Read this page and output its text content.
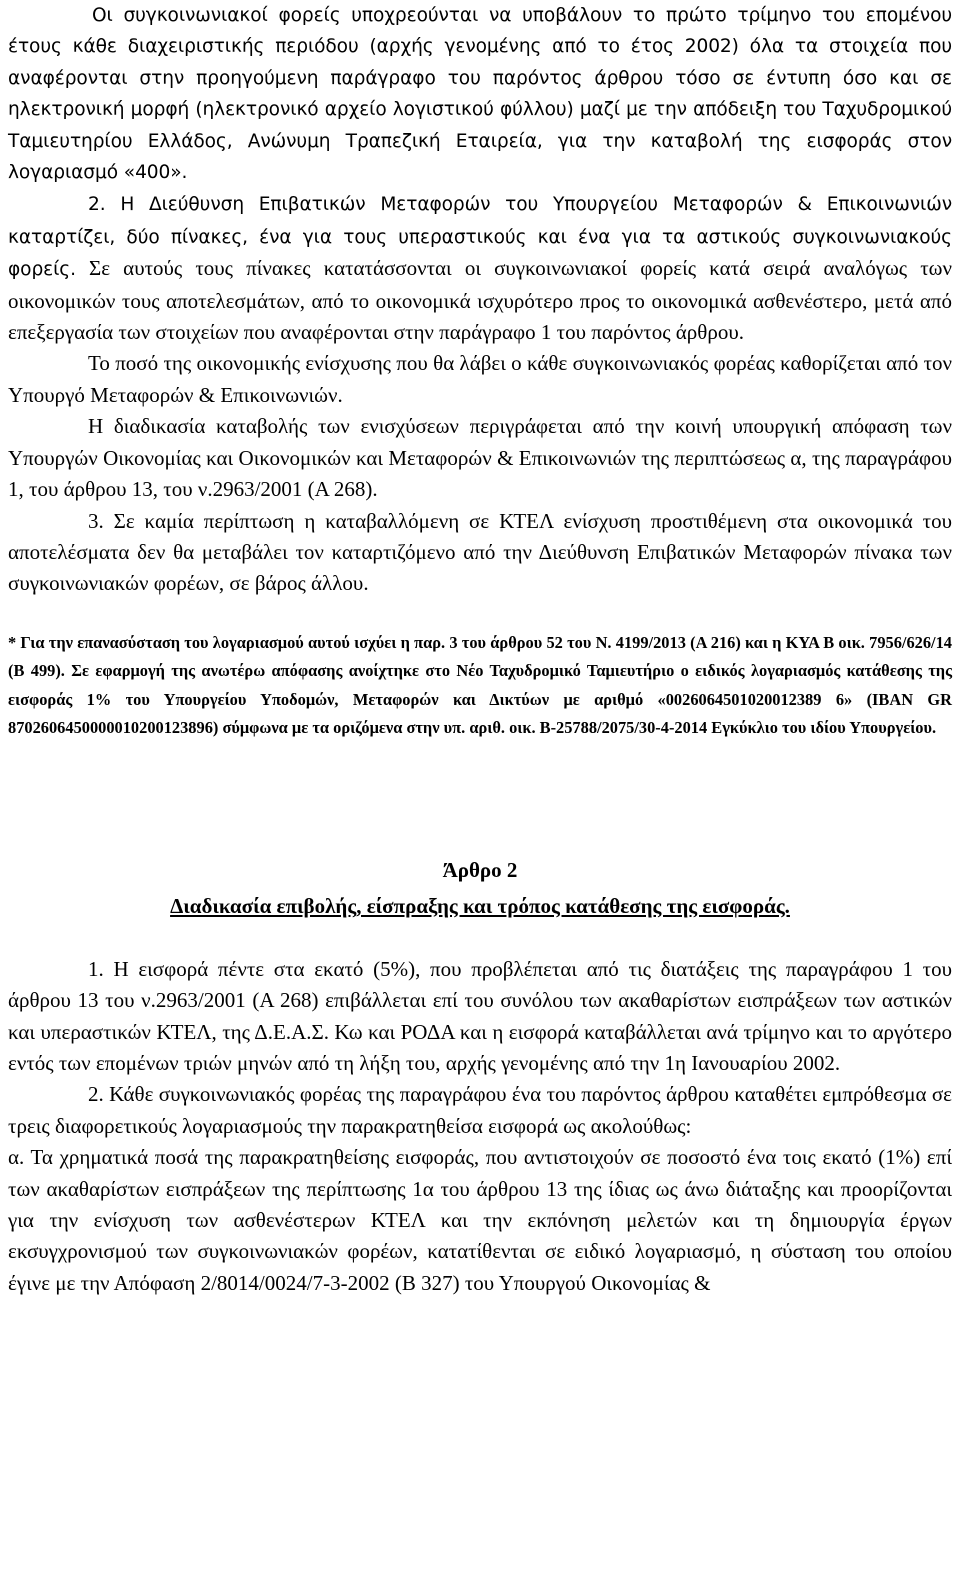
Οι συγκοινωνιακοί φορείς υποχρεούνται να υποβάλουν το πρώτο τρίμηνο του επομένου έτους κάθε διαχειριστικής περιόδου (αρχής γενομένης από το έτος 2002) όλα τα στοιχεία που αναφέρονται στην προηγούμενη παράγραφο του παρόντος άρθρου τόσο σε έντυπη όσο και σε ηλεκτρονική μορφή (ηλεκτρονικό αρχείο λογιστικού φύλλου) μαζί με την απόδειξη του Ταχυδρομικού Ταμιευτηρίου Ελλάδος, Ανώνυμη Τραπεζική Εταιρεία, για την καταβολή της εισφοράς στον λογαριασμό «400».

2. Η Διεύθυνση Επιβατικών Μεταφορών του Υπουργείου Μεταφορών & Επικοινωνιών καταρτίζει, δύο πίνακες, ένα για τους υπεραστικούς και ένα για τα αστικούς συγκοινωνιακούς φορείς. Σε αυτούς τους πίνακες κατατάσσονται οι συγκοινωνιακοί φορείς κατά σειρά αναλόγως των οικονομικών τους αποτελεσμάτων, από το οικονομικά ισχυρότερο προς το οικονομικά ασθενέστερο, μετά από επεξεργασία των στοιχείων που αναφέρονται στην παράγραφο 1 του παρόντος άρθρου.

Το ποσό της οικονομικής ενίσχυσης που θα λάβει ο κάθε συγκοινωνιακός φορέας καθορίζεται από τον Υπουργό Μεταφορών & Επικοινωνιών.

Η διαδικασία καταβολής των ενισχύσεων περιγράφεται από την κοινή υπουργική απόφαση των Υπουργών Οικονομίας και Οικονομικών και Μεταφορών & Επικοινωνιών της περιπτώσεως α, της παραγράφου 1, του άρθρου 13, του ν.2963/2001 (Α 268).

3. Σε καμία περίπτωση η καταβαλλόμενη σε ΚΤΕΛ ενίσχυση προστιθέμενη στα οικονομικά του αποτελέσματα δεν θα μεταβάλει τον καταρτιζόμενο από την Διεύθυνση Επιβατικών Μεταφορών πίνακα των συγκοινωνιακών φορέων, σε βάρος άλλου.

* Για την επανασύσταση του λογαριασμού αυτού ισχύει η παρ. 3 του άρθρου 52 του Ν. 4199/2013 (Α 216) και η ΚΥΑ Β οικ. 7956/626/14 (Β 499). Σε εφαρμογή της ανωτέρω απόφασης ανοίχτηκε στο Νέο Ταχυδρομικό Ταμιευτήριο ο ειδικός λογαριασμός κατάθεσης της εισφοράς 1% του Υπουργείου Υποδομών, Μεταφορών και Δικτύων με αριθμό «0026064501020012389 6» (IBAN GR 8702606450000010200123896) σύμφωνα με τα οριζόμενα στην υπ. αριθ. οικ. Β-25788/2075/30-4-2014 Εγκύκλιο του ιδίου Υπουργείου.

Άρθρο 2

Διαδικασία επιβολής, είσπραξης και τρόπος κατάθεσης της εισφοράς.

1. Η εισφορά πέντε στα εκατό (5%), που προβλέπεται από τις διατάξεις της παραγράφου 1 του άρθρου 13 του ν.2963/2001 (Α 268) επιβάλλεται επί του συνόλου των ακαθαρίστων εισπράξεων των αστικών και υπεραστικών ΚΤΕΛ, της Δ.Ε.Α.Σ. Κω και ΡΟΔΑ και η εισφορά καταβάλλεται ανά τρίμηνο και το αργότερο εντός των επομένων τριών μηνών από τη λήξη του, αρχής γενομένης από την 1η Ιανουαρίου 2002.

2. Κάθε συγκοινωνιακός φορέας της παραγράφου ένα του παρόντος άρθρου καταθέτει εμπρόθεσμα σε τρεις διαφορετικούς λογαριασμούς την παρακρατηθείσα εισφορά ως ακολούθως:

α. Τα χρηματικά ποσά της παρακρατηθείσης εισφοράς, που αντιστοιχούν σε ποσοστό ένα τοις εκατό (1%) επί των ακαθαρίστων εισπράξεων της περίπτωσης 1α του άρθρου 13 της ίδιας ως άνω διάταξης και προορίζονται για την ενίσχυση των ασθενέστερων ΚΤΕΛ και την εκπόνηση μελετών και τη δημιουργία έργων εκσυγχρονισμού των συγκοινωνιακών φορέων, κατατίθενται σε ειδικό λογαριασμό, η σύσταση του οποίου έγινε με την Απόφαση 2/8014/0024/7-3-2002 (Β 327) του Υπουργού Οικονομίας &
